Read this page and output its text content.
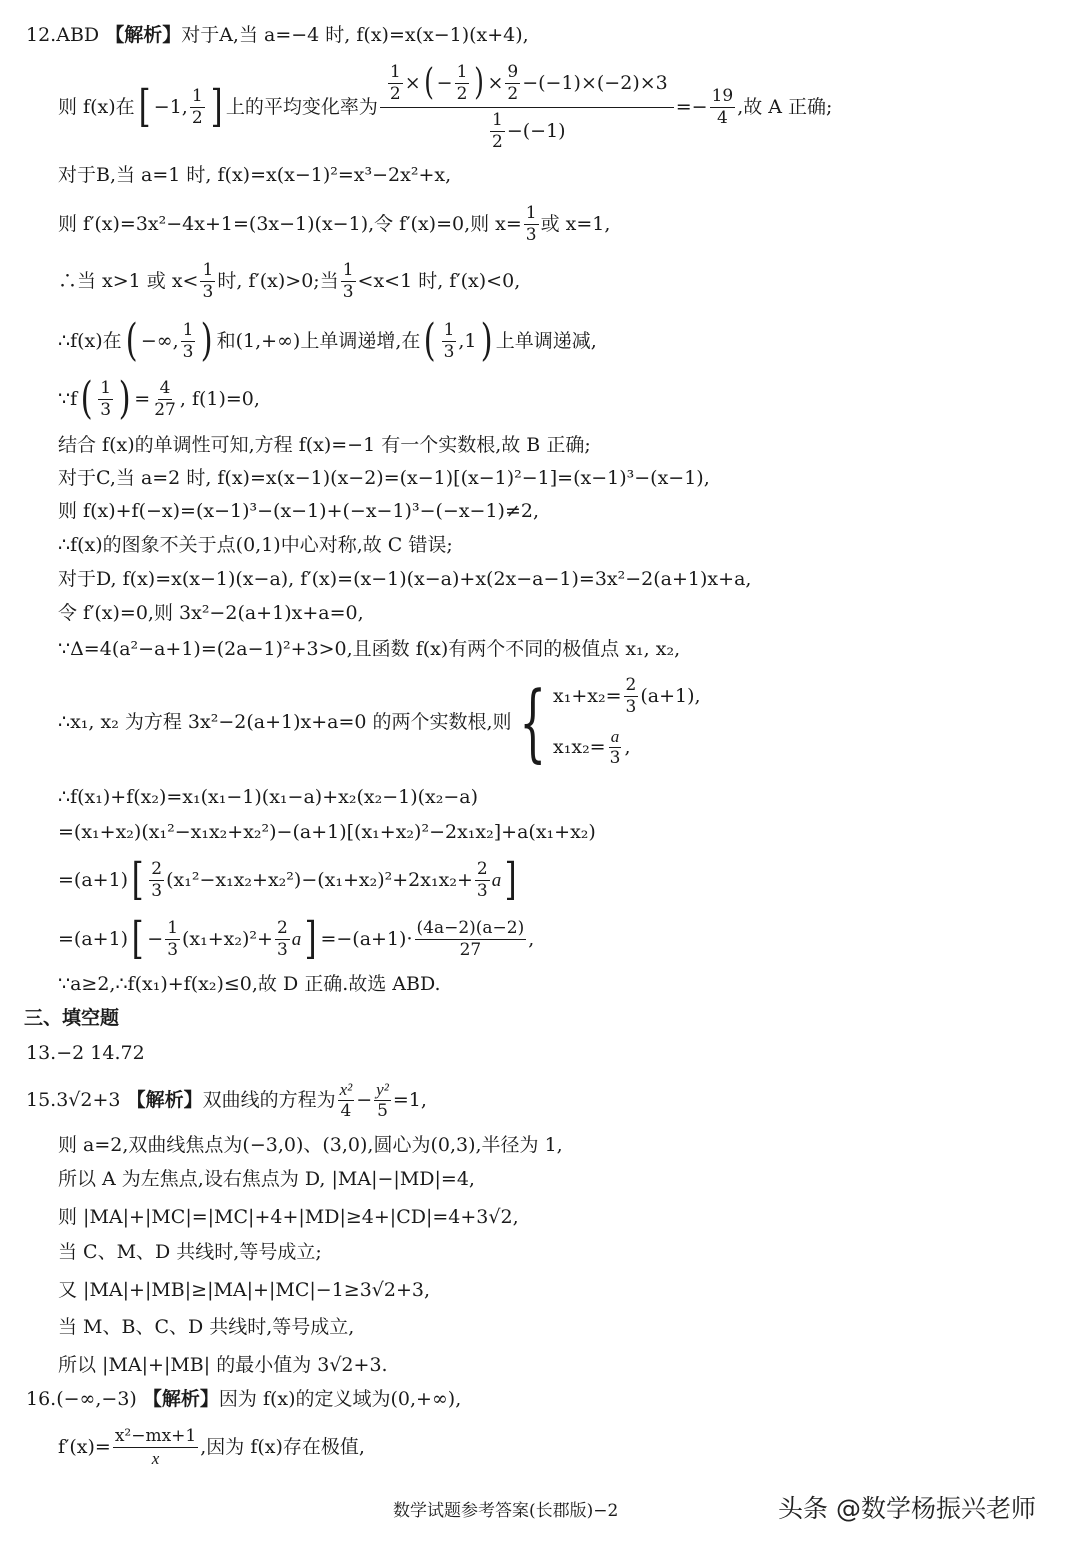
12.ABD
【解析】 对于A,当 a=−4 时, f(x)=x(x−1)(x+4),
则 f(x)在 [ −1, $\frac{1}{2}$ ] 上的平均变化率为 $\frac{\frac{1}{2} \times ( - \frac{1}{2} ) \times \frac{9}{2} -(-1)\times(-2)\times 3}{\frac{1}{2} -(-1)} =- \frac{19}{4}$ ,故 A 正确;
对于B,当 a=1 时, f(x)=x(x−1)²=x³−2x²+x,
则 f′(x)=3x²−4x+1=(3x−1)(x−1),令 f′(x)=0,则 $x= \frac{1}{3}$ 或 x=1,
∴当 x>1 或 $x< \frac{1}{3}$ 时, f′(x)>0;当 $\frac{1}{3} <x<1$ 时, f′(x)<0,
∴f(x)在 ( −∞, $\frac{1}{3}$ ) 和(1,+∞)上单调递增,在 ( $\frac{1}{3} ,1$ ) 上单调递减,
∵f ( $\frac{1}{3}$ ) = $\frac{4}{27}$ , f(1)=0,
结合 f(x)的单调性可知,方程 f(x)=−1 有一个实数根,故 B 正确;
对于C,当 a=2 时, f(x)=x(x−1)(x−2)=(x−1)[(x−1)²−1]=(x−1)³−(x−1),
则 f(x)+f(−x)=(x−1)³−(x−1)+(−x−1)³−(−x−1)≠2,
∴f(x)的图象不关于点(0,1)中心对称,故 C 错误;
对于D, f(x)=x(x−1)(x−a), f′(x)=(x−1)(x−a)+x(2x−a−1)=3x²−2(a+1)x+a,
令 f′(x)=0,则 3x²−2(a+1)x+a=0,
∵Δ=4(a²−a+1)=(2a−1)²+3>0,且函数 f(x)有两个不同的极值点 x₁, x₂,
∴x₁, x₂ 为方程 3x²−2(a+1)x+a=0 的两个实数根,则 { $x_1+x_2= \frac{2}{3} (a+1)$,
$x_1x_2= \frac{a}{3}$ ,
∴f(x₁)+f(x₂)=x₁(x₁−1)(x₁−a)+x₂(x₂−1)(x₂−a)
=(x₁+x₂)(x₁²−x₁x₂+x₂²)−(a+1)[(x₁+x₂)²−2x₁x₂]+a(x₁+x₂)
=(a+1) [ $\frac{2}{3} (x_1^2-x_1x_2+x_2^2)-(x_1+x_2)^2+2x_1x_2+ \frac{2}{3}$ a ]
=(a+1) [ − $\frac{1}{3} (x_1+x_2)^2+ \frac{2}{3}$ a ] $=-(a+1)\cdot \frac{(4a-2)(a-2)}{27}$ ,
∵a≥2,∴f(x₁)+f(x₂)≤0,故 D 正确.故选 ABD.
三、填空题
13.−2 14.72
15.3√2+3
【解析】 双曲线的方程为 $\frac{\text{x²}}{4} - \frac{\text{y²}}{5} =1$,
则 a=2,双曲线焦点为(−3,0)、(3,0),圆心为(0,3),半径为 1,
所以 A 为左焦点,设右焦点为 D, |MA|−|MD|=4,
则 |MA|+|MC|=|MC|+4+|MD|≥4+|CD|=4+3√2,
当 C、M、D 共线时,等号成立;
又 |MA|+|MB|≥|MA|+|MC|−1≥3√2+3,
当 M、B、C、D 共线时,等号成立,
所以 |MA|+|MB| 的最小值为 3√2+3.
16.(−∞,−3)
【解析】 因为 f(x)的定义域为(0,+∞),
$f'(x)= \frac{\text{x²−mx+1}}{x}$ ,因为 f(x)存在极值,
数学试题参考答案(长郡版)−2	头条 @数学杨振兴老师
